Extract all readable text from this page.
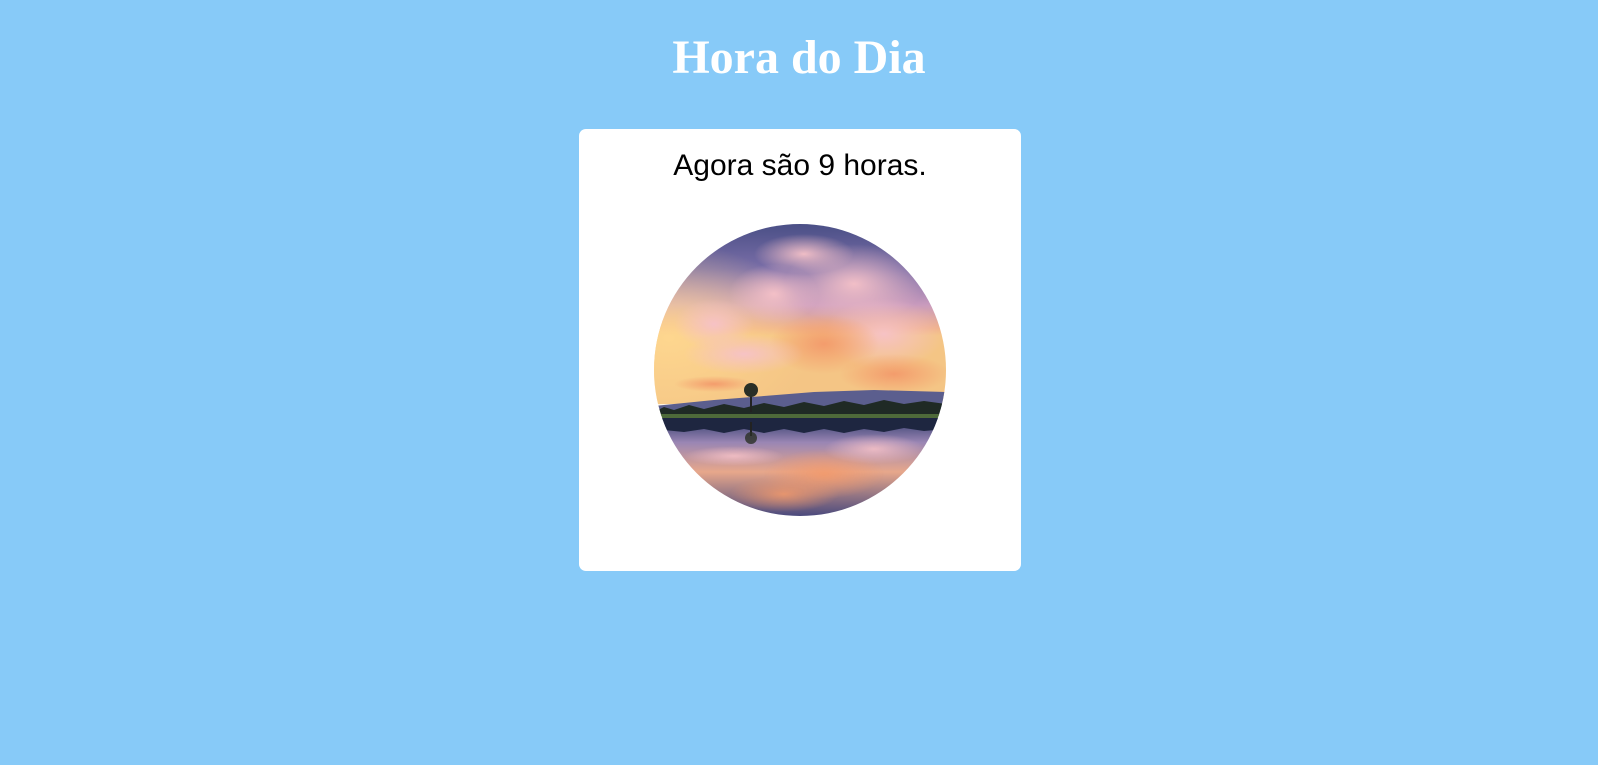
Hora do Dia

Agora são 9 horas.
